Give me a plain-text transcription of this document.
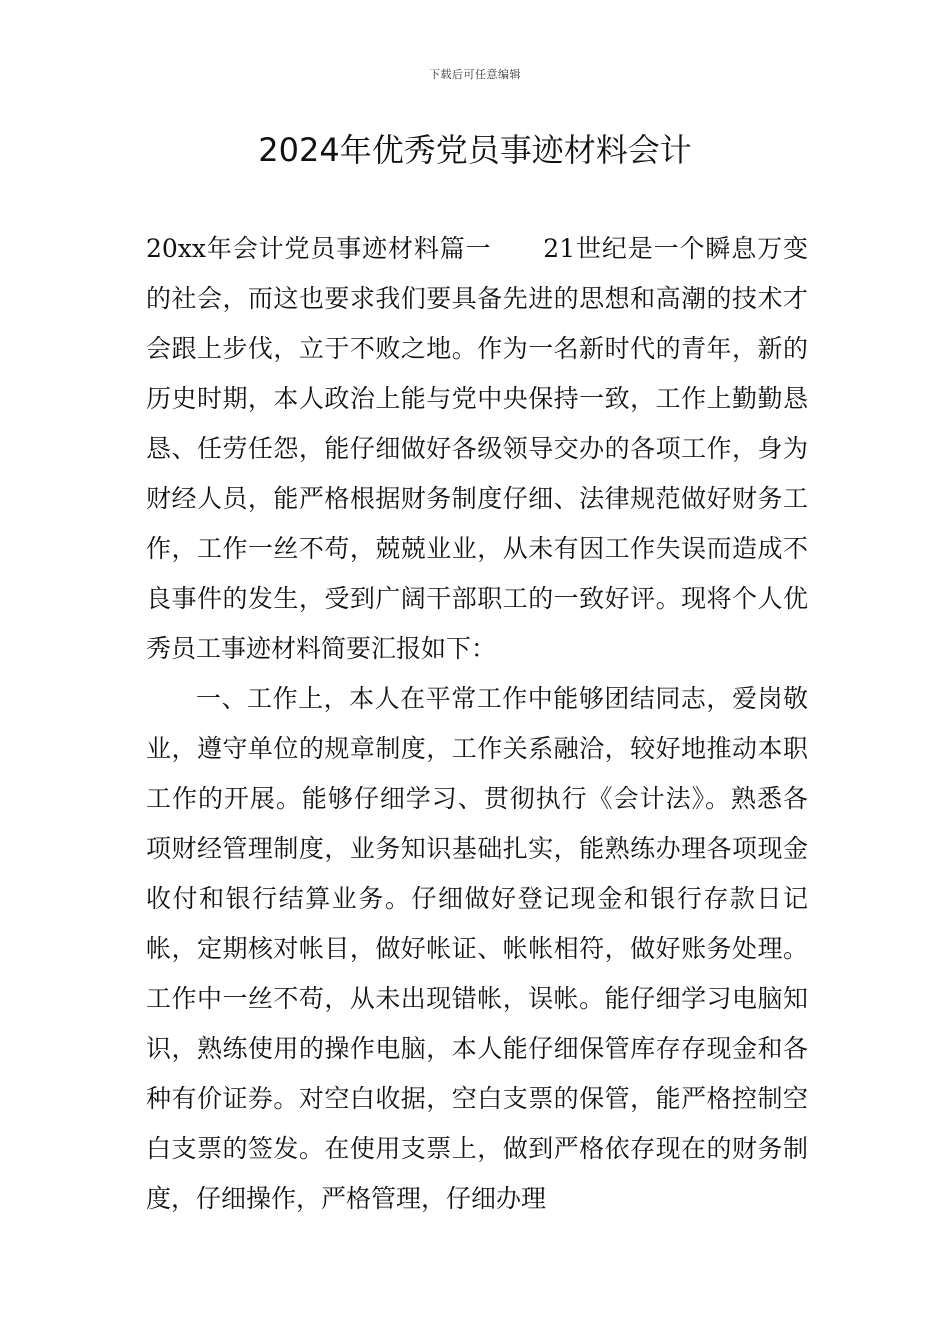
下载后可任意编辑
2024年优秀党员事迹材料会计

20xx年会计党员事迹材料篇一　　21世纪是一个瞬息万变的社会，而这也要求我们要具备先进的思想和高潮的技术才会跟上步伐，立于不败之地。作为一名新时代的青年，新的历史时期，本人政治上能与党中央保持一致，工作上勤勤恳恳、任劳任怨，能仔细做好各级领导交办的各项工作，身为财经人员，能严格根据财务制度仔细、法律规范做好财务工作，工作一丝不苟，兢兢业业，从未有因工作失误而造成不良事件的发生，受到广阔干部职工的一致好评。现将个人优秀员工事迹材料简要汇报如下：

一、工作上，本人在平常工作中能够团结同志，爱岗敬业，遵守单位的规章制度，工作关系融洽，较好地推动本职工作的开展。能够仔细学习、贯彻执行《会计法》。熟悉各项财经管理制度，业务知识基础扎实，能熟练办理各项现金收付和银行结算业务。仔细做好登记现金和银行存款日记帐，定期核对帐目，做好帐证、帐帐相符，做好账务处理。工作中一丝不苟，从未出现错帐，误帐。能仔细学习电脑知识，熟练使用的操作电脑，本人能仔细保管库存存现金和各种有价证券。对空白收据，空白支票的保管，能严格控制空白支票的签发。在使用支票上，做到严格依存现在的财务制度，仔细操作，严格管理，仔细办理
